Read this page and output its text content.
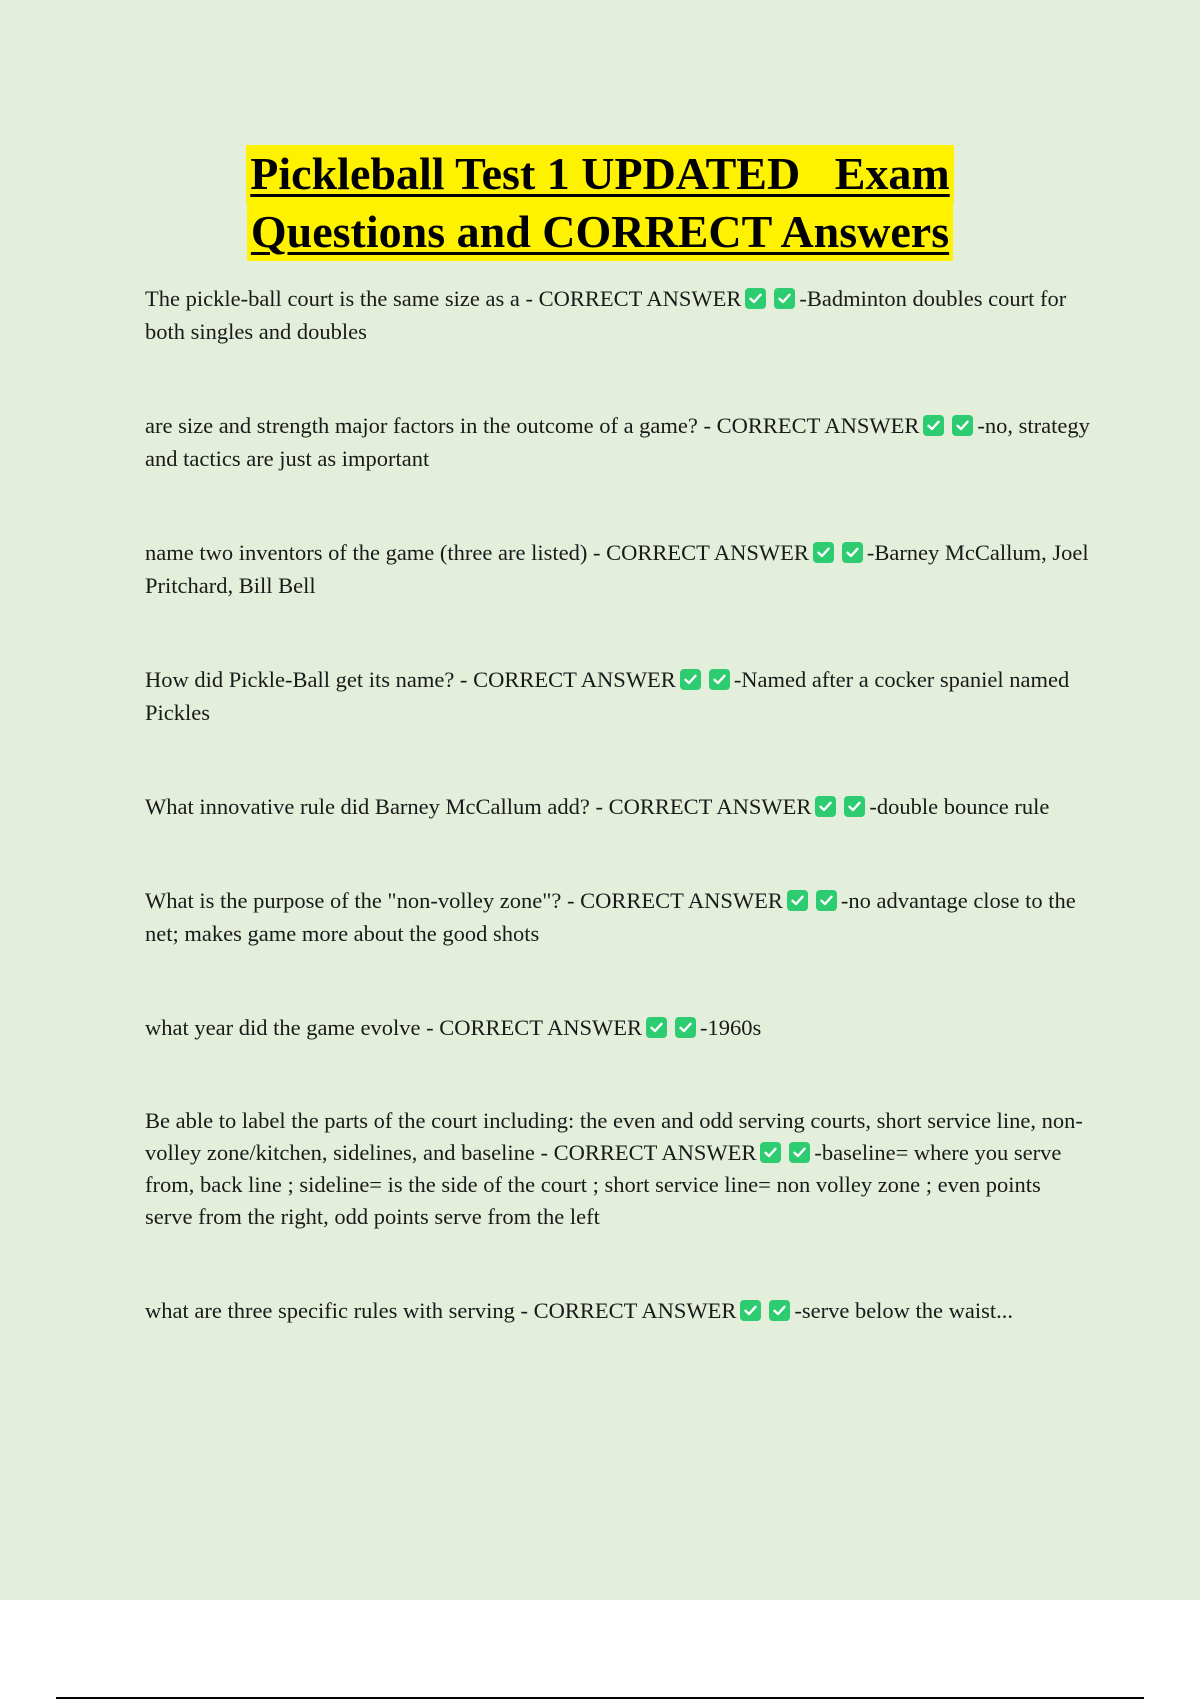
Pickleball Test 1 UPDATED   Exam
Questions and CORRECT Answers
The pickle-ball court is the same size as a - CORRECT ANSWER	-Badminton doubles court for both singles and doubles
are size and strength major factors in the outcome of a game? - CORRECT ANSWER	-no, strategy and tactics are just as important
name two inventors of the game (three are listed) - CORRECT ANSWER	-Barney McCallum, Joel Pritchard, Bill Bell
How did Pickle-Ball get its name? - CORRECT ANSWER	-Named after a cocker spaniel named Pickles
What innovative rule did Barney McCallum add? - CORRECT ANSWER	-double bounce rule
What is the purpose of the "non-volley zone"? - CORRECT ANSWER	-no advantage close to the net; makes game more about the good shots
what year did the game evolve - CORRECT ANSWER	-1960s
Be able to label the parts of the court including: the even and odd serving courts, short service line, non-volley zone/kitchen, sidelines, and baseline - CORRECT ANSWER	-baseline= where you serve from, back line ; sideline= is the side of the court ; short service line= non volley zone ; even points serve from the right, odd points serve from the left
what are three specific rules with serving - CORRECT ANSWER	-serve below the waist...
